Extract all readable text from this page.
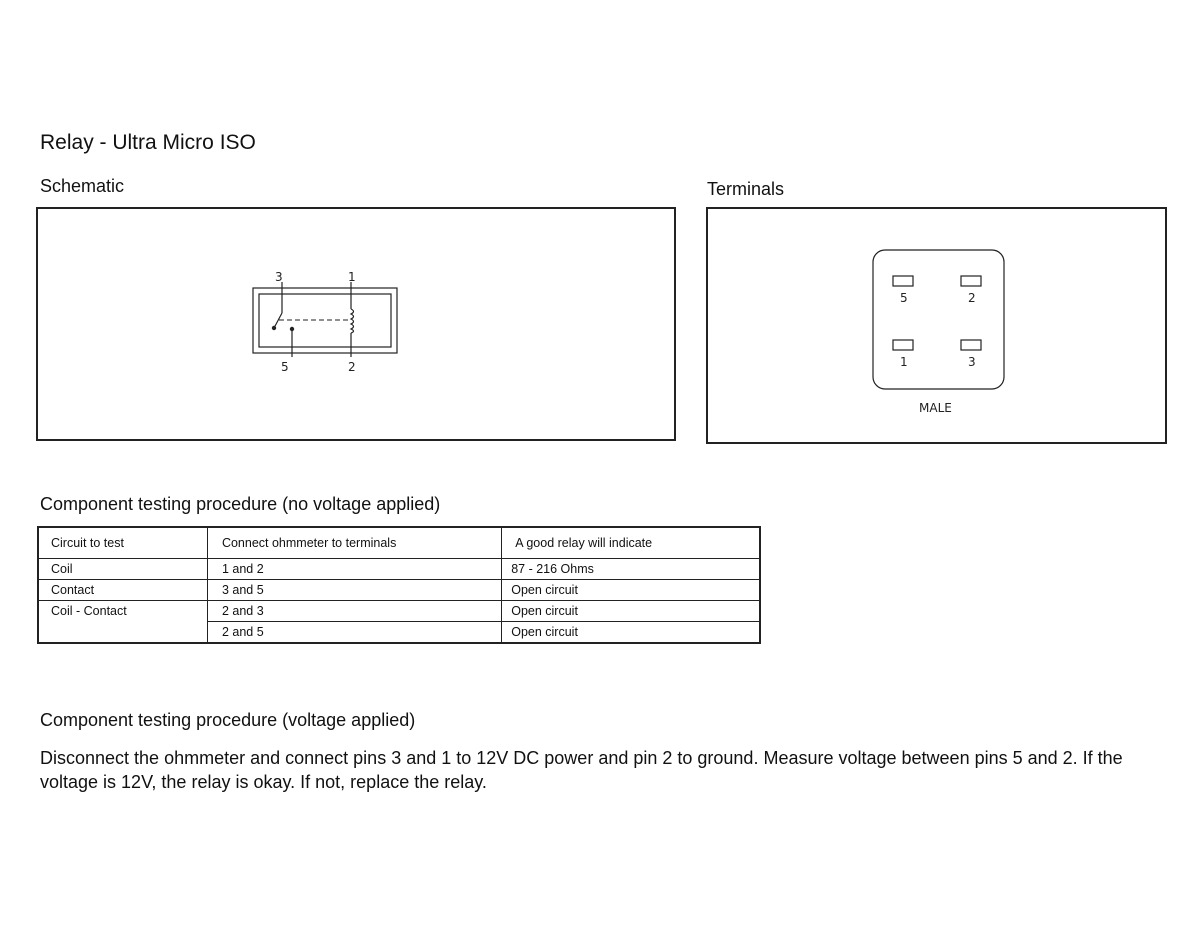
Relay - Ultra Micro ISO
Schematic	Terminals
3	1
5	2
5	2
1	3
MALE
Component testing procedure (no voltage applied)
Circuit to test	Connect ohmmeter to terminals	A good relay will indicate
Coil	1 and 2	87 - 216 Ohms
Contact	3 and 5	Open circuit
Coil - Contact	2 and 3	Open circuit
	2 and 5	Open circuit
Component testing procedure (voltage applied)
Disconnect the ohmmeter and connect pins 3 and 1 to 12V DC power and pin 2 to ground. Measure voltage between pins 5 and 2. If the voltage is 12V, the relay is okay. If not, replace the relay.
